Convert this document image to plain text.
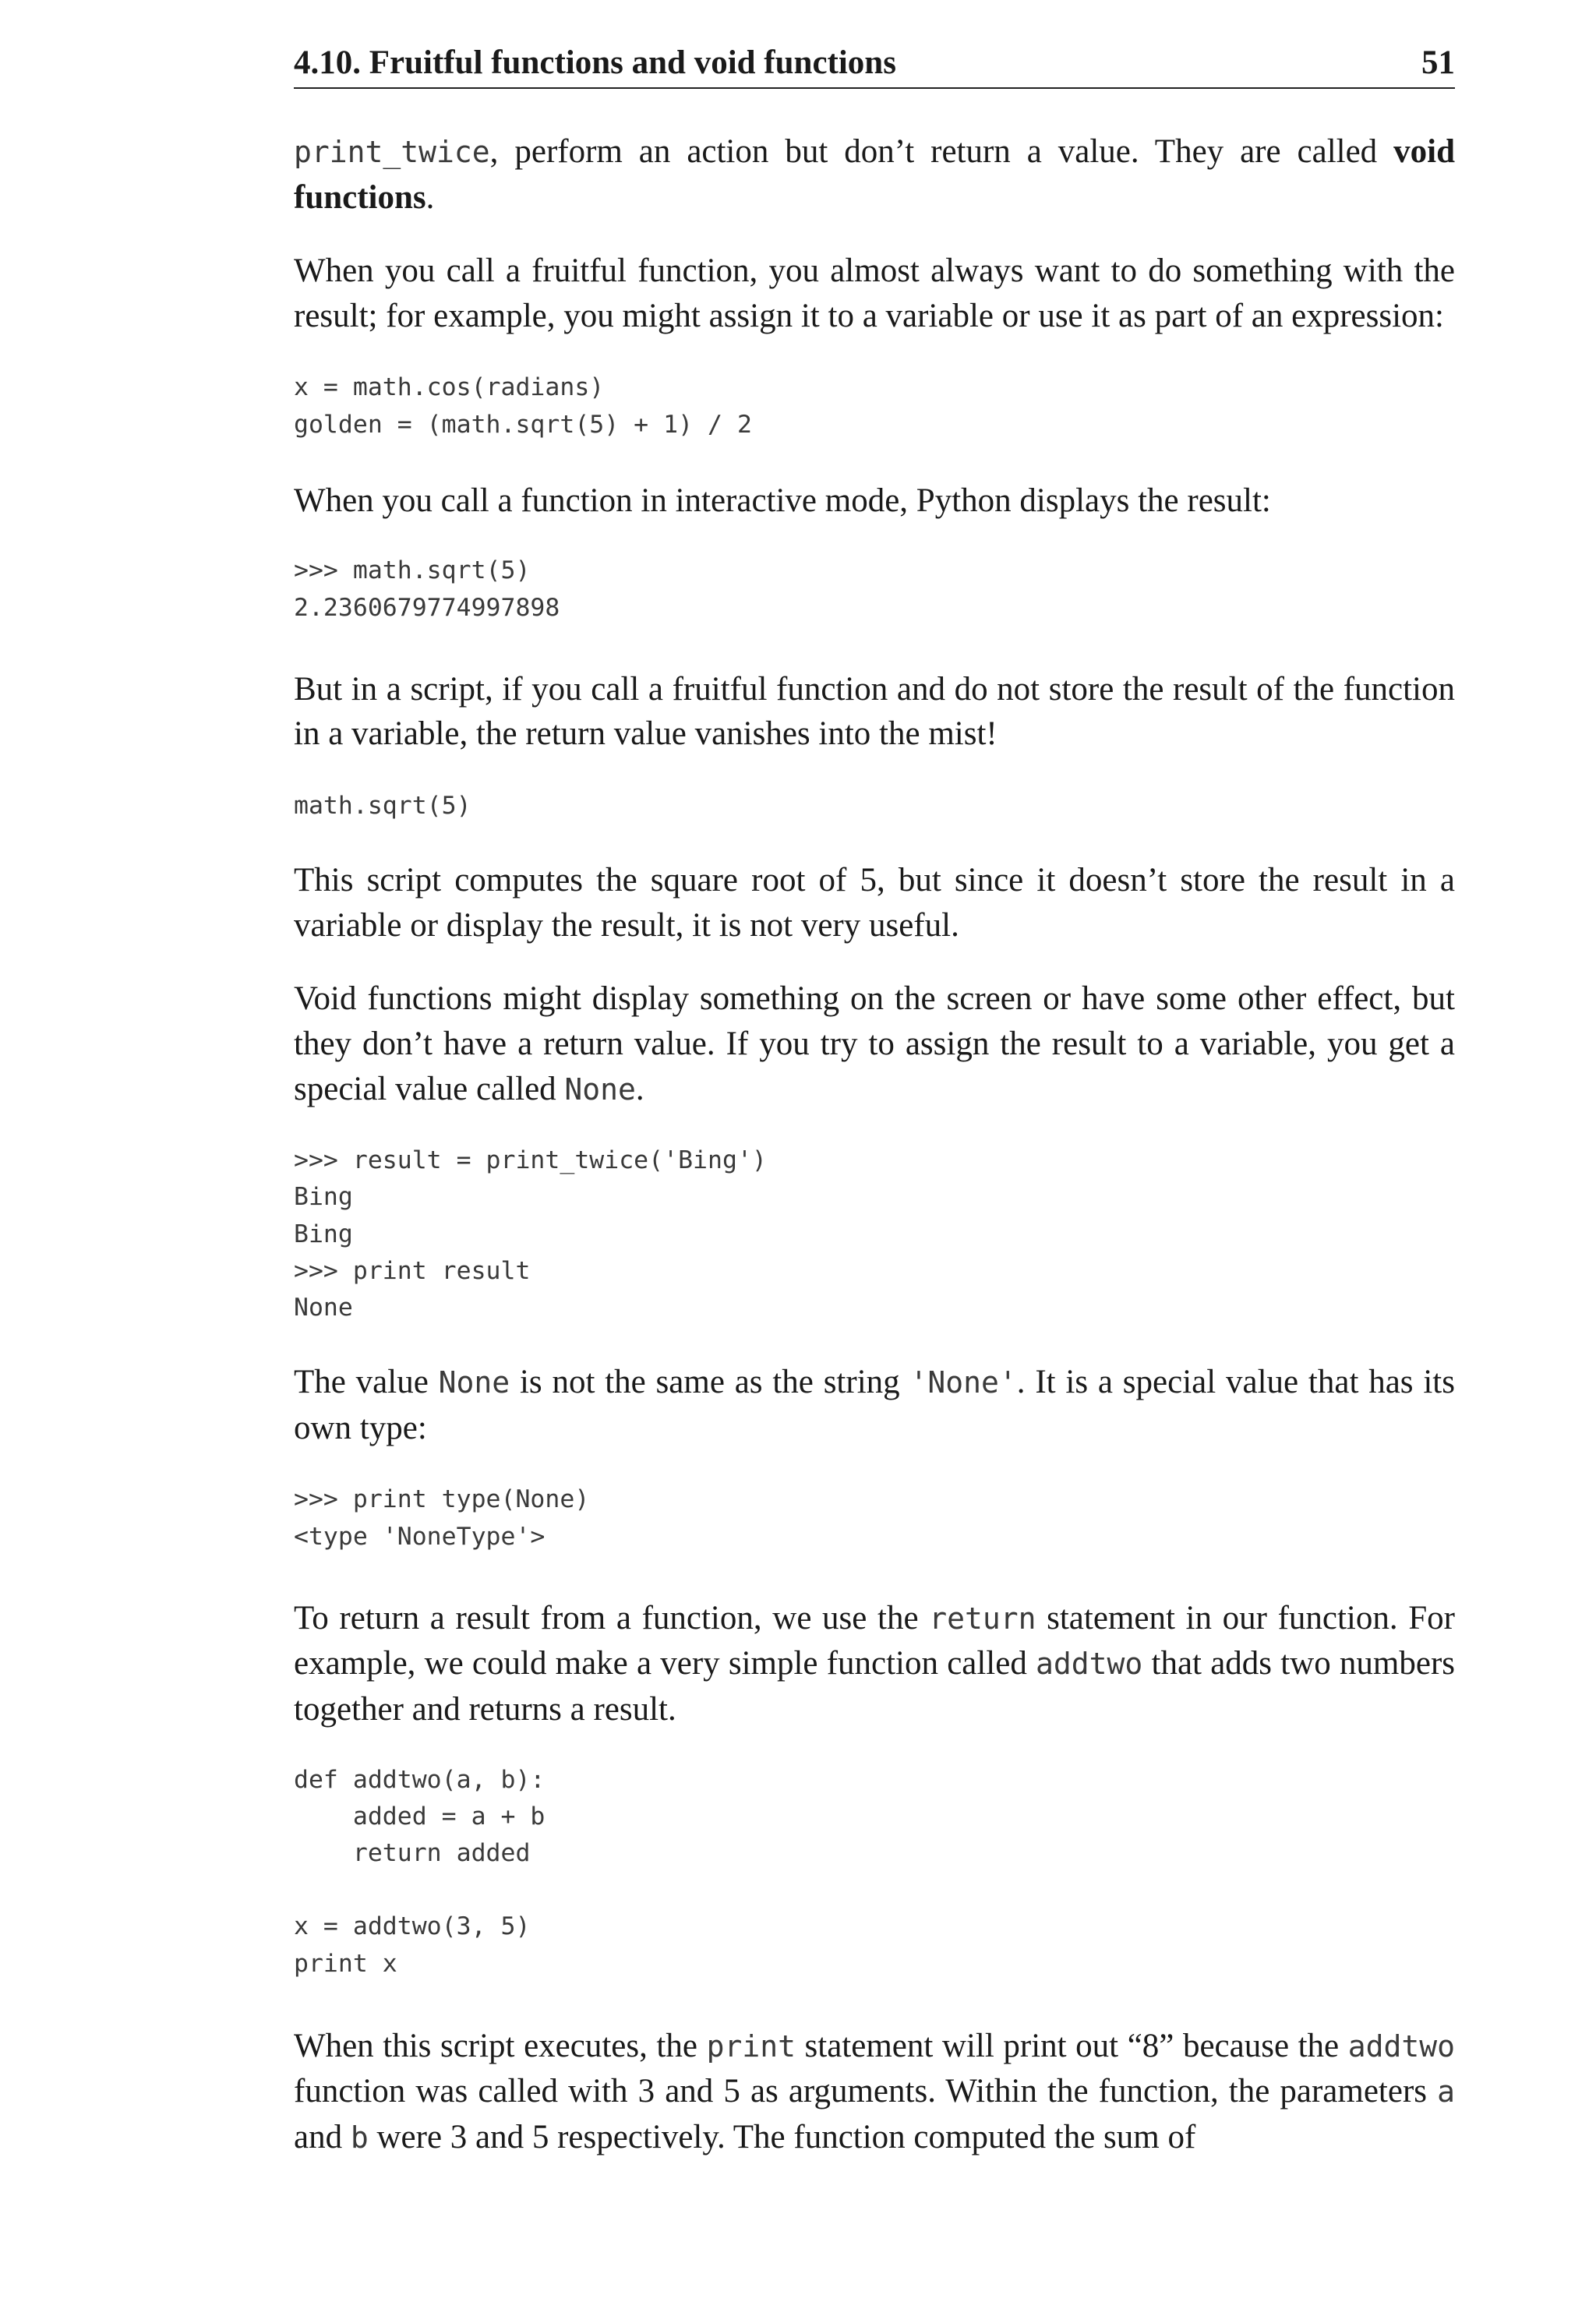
4.10. Fruitful functions and void functions	51

print_twice, perform an action but don’t return a value. They are called void functions.

When you call a fruitful function, you almost always want to do something with the result; for example, you might assign it to a variable or use it as part of an expression:

x = math.cos(radians)
golden = (math.sqrt(5) + 1) / 2

When you call a function in interactive mode, Python displays the result:

>>> math.sqrt(5)
2.2360679774997898

But in a script, if you call a fruitful function and do not store the result of the function in a variable, the return value vanishes into the mist!

math.sqrt(5)

This script computes the square root of 5, but since it doesn’t store the result in a variable or display the result, it is not very useful.

Void functions might display something on the screen or have some other effect, but they don’t have a return value. If you try to assign the result to a variable, you get a special value called None.

>>> result = print_twice('Bing')
Bing
Bing
>>> print result
None

The value None is not the same as the string 'None'. It is a special value that has its own type:

>>> print type(None)
<type 'NoneType'>

To return a result from a function, we use the return statement in our function. For example, we could make a very simple function called addtwo that adds two numbers together and returns a result.

def addtwo(a, b):
added = a + b
return added

x = addtwo(3, 5)
print x

When this script executes, the print statement will print out “8” because the addtwo function was called with 3 and 5 as arguments. Within the function, the parameters a and b were 3 and 5 respectively. The function computed the sum of
